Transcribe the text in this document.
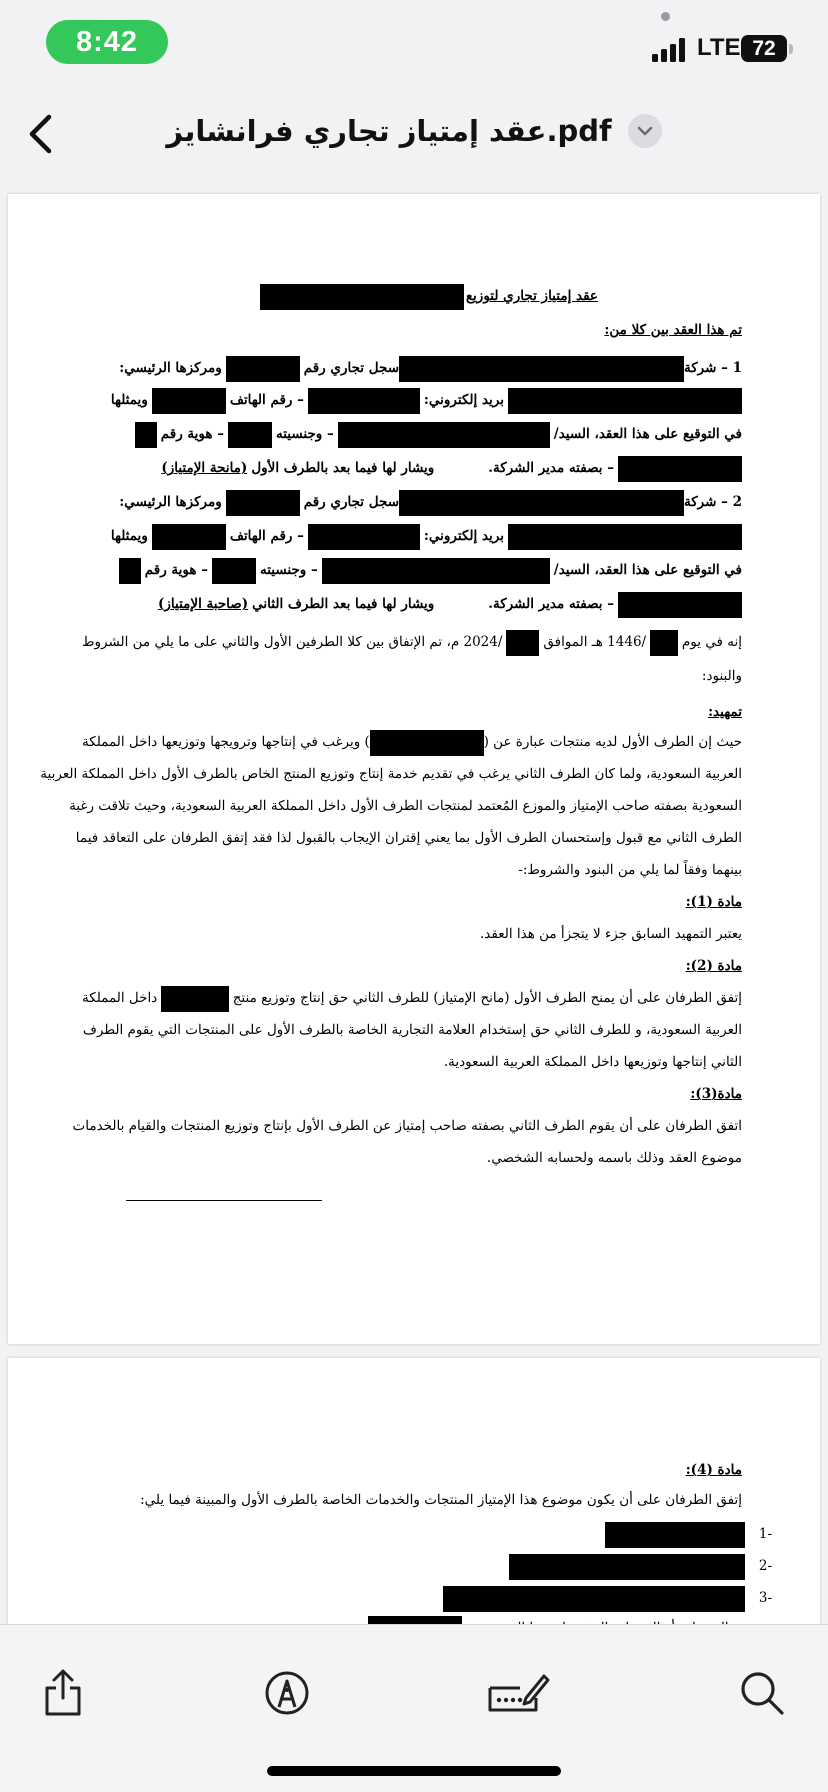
8:42	LTE 72
عقد إمتياز تجاري فرانشايز.pdf
عقد إمتياز تجاري لتوزيع
تم هذا العقد بين كلا من:
1 – شركة
سجل تجاري رقم
ومركزها الرئيسي:
بريد إلكتروني:
– رقم الهاتف
ويمثلها
في التوقيع على هذا العقد، السيد/
– وجنسيته
– هوية رقم
– بصفته مدير الشركة.
ويشار لها فيما بعد بالطرف الأول
(مانحة الإمتياز)
2 – شركة
سجل تجاري رقم
ومركزها الرئيسي:
بريد إلكتروني:
– رقم الهاتف
ويمثلها
في التوقيع على هذا العقد، السيد/
– وجنسيته
– هوية رقم
– بصفته مدير الشركة.
ويشار لها فيما بعد الطرف الثاني
(صاحبة الإمتياز)
إنه في يوم
/1446 هـ الموافق
/2024 م، تم الإتفاق بين كلا الطرفين الأول والثاني على ما يلي من الشروط
والبنود:
تمهيد:
حيث إن الطرف الأول لديه منتجات عبارة عن (
) ويرغب في إنتاجها وترويجها وتوزيعها داخل المملكة
العربية السعودية، ولما كان الطرف الثاني يرغب في تقديم خدمة إنتاج وتوزيع المنتج الخاص بالطرف الأول داخل المملكة العربية
السعودية بصفته صاحب الإمتياز والموزع المُعتمد لمنتجات الطرف الأول داخل المملكة العربية السعودية، وحيث تلاقت رغبة
الطرف الثاني مع قبول وإستحسان الطرف الأول بما يعني إقتران الإيجاب بالقبول لذا فقد إتفق الطرفان على التعاقد فيما
بينهما وفقاً لما يلي من البنود والشروط:-
مادة (1):
يعتبر التمهيد السابق جزء لا يتجزأ من هذا العقد.
مادة (2):
إتفق الطرفان على أن يمنح الطرف الأول (مانح الإمتياز) للطرف الثاني حق إنتاج وتوزيع منتج
داخل المملكة
العربية السعودية، و للطرف الثاني حق إستخدام العلامة التجارية الخاصة بالطرف الأول على المنتجات التي يقوم الطرف
الثاني إنتاجها وتوزيعها داخل المملكة العربية السعودية.
مادة(3):
اتفق الطرفان على أن يقوم الطرف الثاني بصفته صاحب إمتياز عن الطرف الأول بإنتاج وتوزيع المنتجات والقيام بالخدمات
موضوع العقد وذلك باسمه ولحسابه الشخصي.
مادة (4):
إتفق الطرفان على أن يكون موضوع هذا الإمتياز المنتجات والخدمات الخاصة بالطرف الأول والمبينة فيما يلي:
-1
-2
-3
